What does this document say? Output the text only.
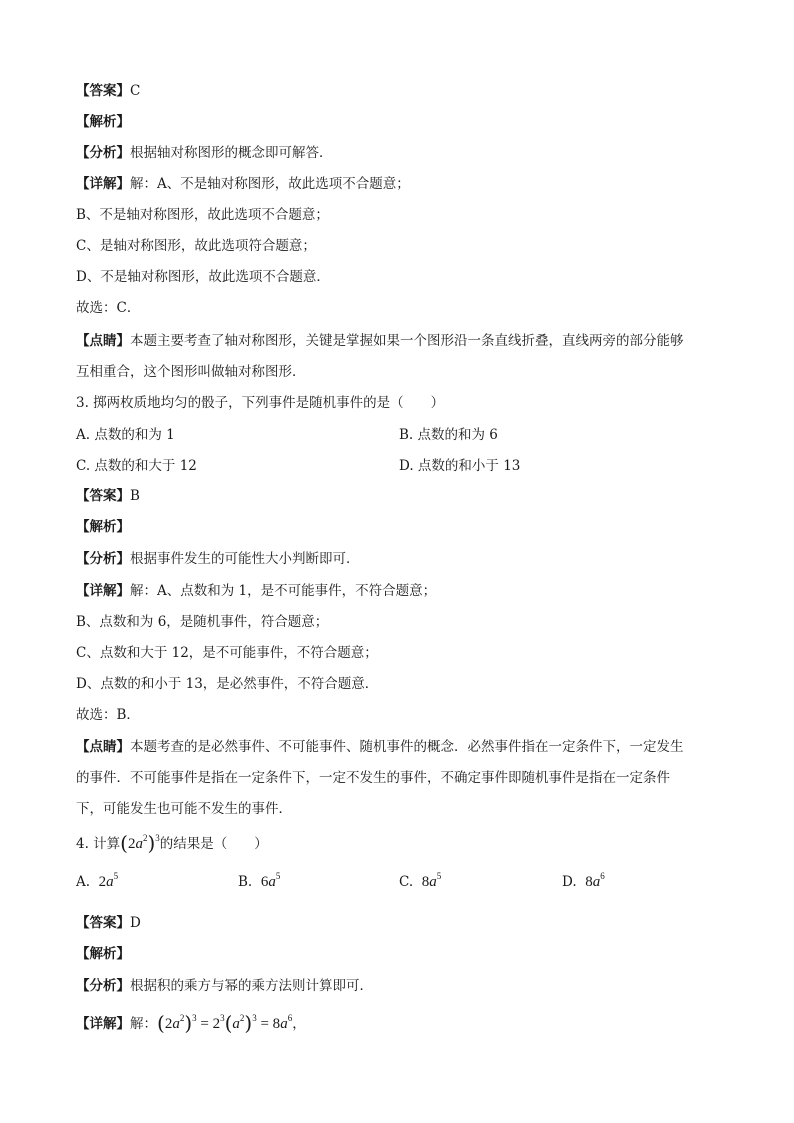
【答案】C
【解析】
【分析】根据轴对称图形的概念即可解答．
【详解】解：A、不是轴对称图形，故此选项不合题意；
B、不是轴对称图形，故此选项不合题意；
C、是轴对称图形，故此选项符合题意；
D、不是轴对称图形，故此选项不合题意．
故选：C．
【点睛】本题主要考查了轴对称图形，关键是掌握如果一个图形沿一条直线折叠，直线两旁的部分能够
互相重合，这个图形叫做轴对称图形．
3. 掷两枚质地均匀的骰子，下列事件是随机事件的是（　　）
A. 点数的和为 1	B. 点数的和为 6
C. 点数的和大于 12	D. 点数的和小于 13
【答案】B
【解析】
【分析】根据事件发生的可能性大小判断即可．
【详解】解：A、点数和为 1，是不可能事件，不符合题意；
B、点数和为 6，是随机事件，符合题意；
C、点数和大于 12，是不可能事件，不符合题意；
D、点数的和小于 13，是必然事件，不符合题意．
故选：B．
【点睛】本题考查的是必然事件、不可能事件、随机事件的概念．必然事件指在一定条件下，一定发生
的事件．不可能事件是指在一定条件下，一定不发生的事件，不确定事件即随机事件是指在一定条件
下，可能发生也可能不发生的事件．
4. 计算$(2a^2)^3$的结果是（　　）
A. $2a^5$	B. $6a^5$	C. $8a^5$	D. $8a^6$
【答案】D
【解析】
【分析】根据积的乘方与幂的乘方法则计算即可．
【详解】解：$(2a^2)^3 = 2^3(a^2)^3 = 8a^6$，
